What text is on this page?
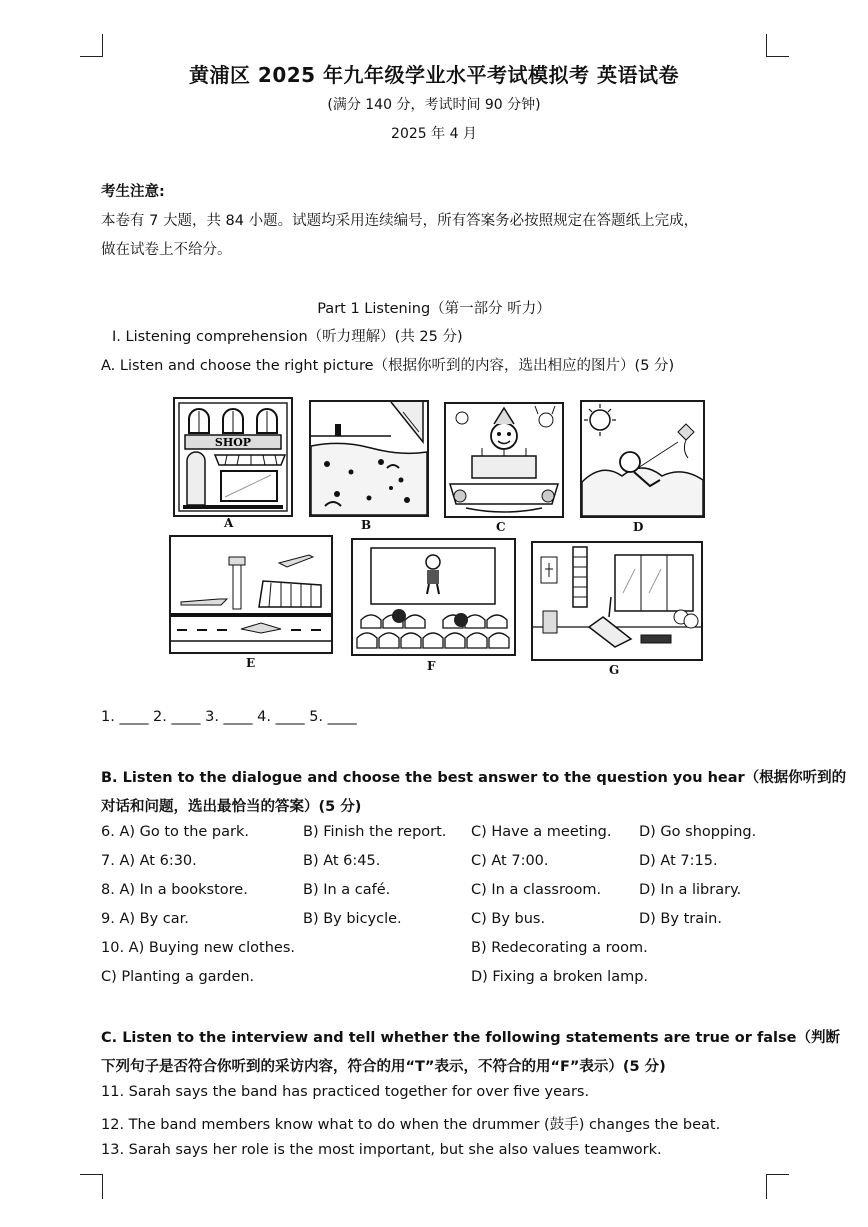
黄浦区 2025 年九年级学业水平考试模拟考 英语试卷
(满分 140 分，考试时间 90 分钟)
2025 年 4 月
考生注意:
本卷有 7 大题，共 84 小题。试题均采用连续编号，所有答案务必按照规定在答题纸上完成，
做在试卷上不给分。
Part 1 Listening（第一部分 听力）
I. Listening comprehension（听力理解）(共 25 分)
A. Listen and choose the right picture（根据你听到的内容，选出相应的图片）(5 分)
SHOP
A	B	C	D
E	F	G
1. ____ 2. ____ 3. ____ 4. ____ 5. ____
B. Listen to the dialogue and choose the best answer to the question you hear（根据你听到的
对话和问题，选出最恰当的答案）(5 分)
6. A) Go to the park.	B) Finish the report. C) Have a meeting. D) Go shopping.
7. A) At 6:30.	B) At 6:45.	C) At 7:00.	D) At 7:15.
8. A) In a bookstore.	B) In a café.	C) In a classroom.	D) In a library.
9. A) By car.	B) By bicycle.	C) By bus.	D) By train.
10. A) Buying new clothes.	B) Redecorating a room.
C) Planting a garden.	D) Fixing a broken lamp.
C. Listen to the interview and tell whether the following statements are true or false（判断
下列句子是否符合你听到的采访内容，符合的用“T”表示，不符合的用“F”表示）(5 分)
11. Sarah says the band has practiced together for over five years.
12. The band members know what to do when the drummer (鼓手) changes the beat.
13. Sarah says her role is the most important, but she also values teamwork.
